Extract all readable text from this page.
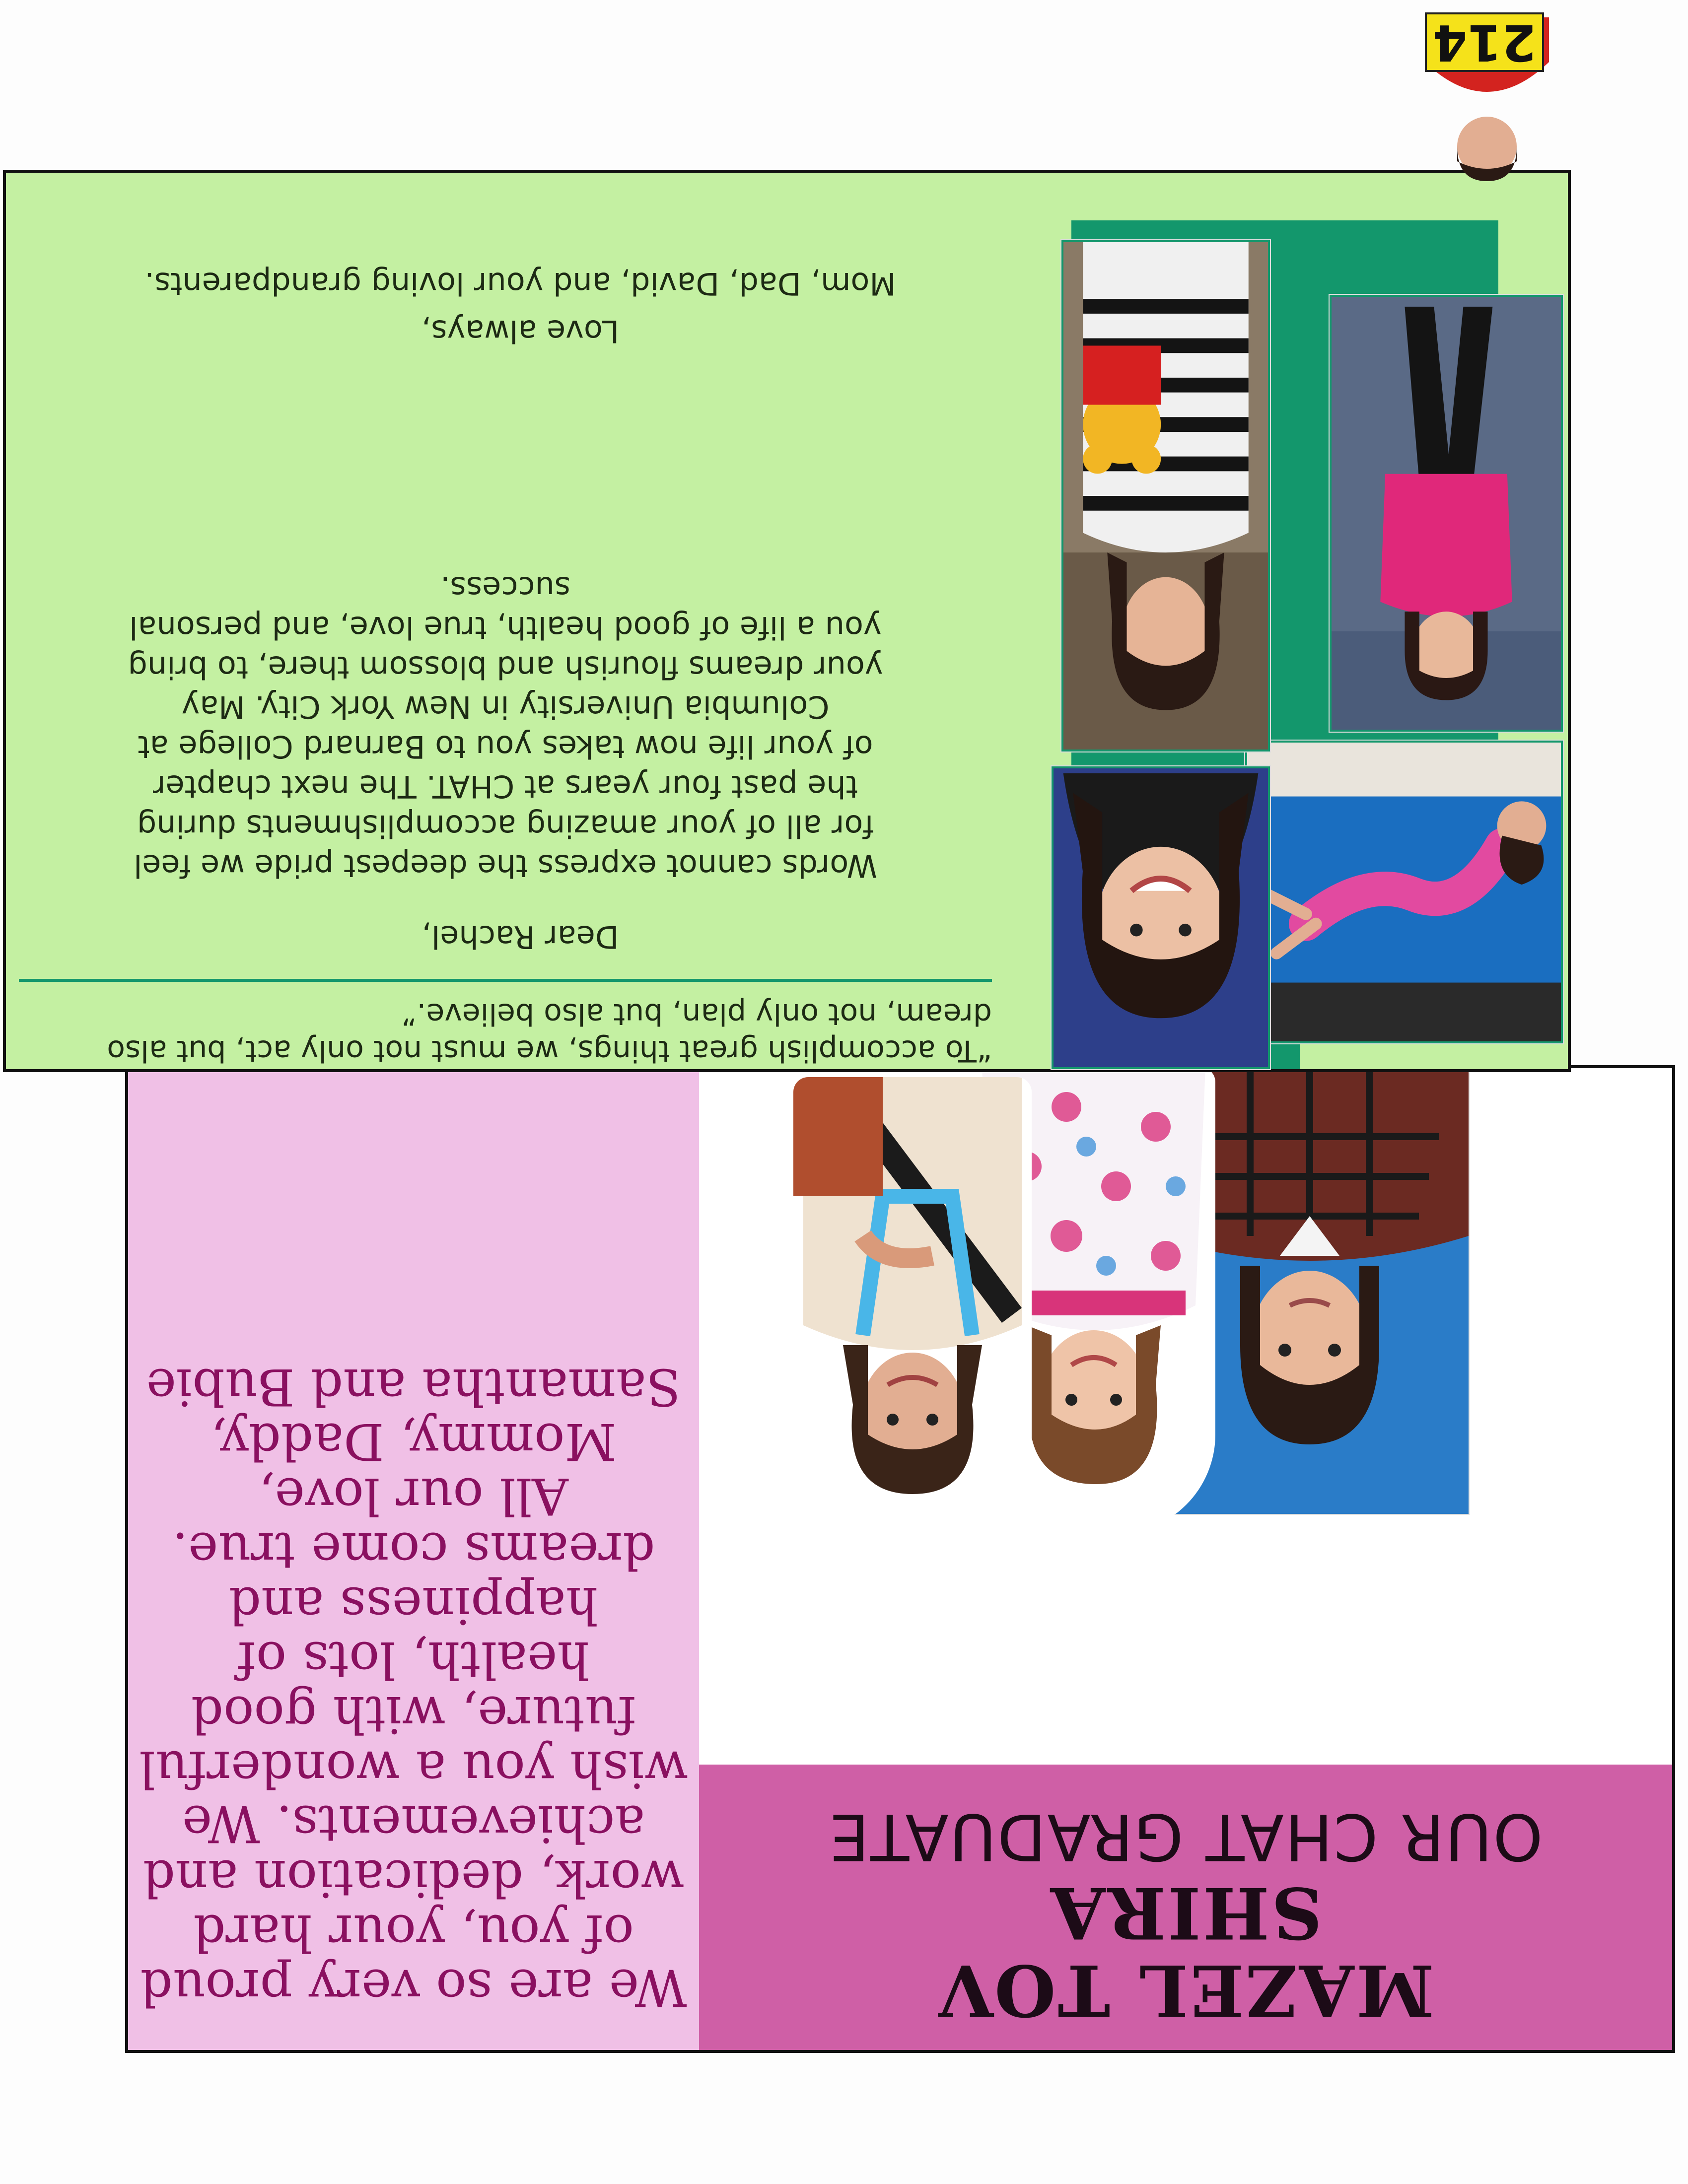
MAZEL TOV
SHIRA
OUR CHAT GRADUATE
We are so very proud
of you, your hard
work, dedication and
achievements. We
wish you a wonderful
future, with good
health, lots of
happiness and
dreams come true.
All our love,
Mommy, Daddy,
Samantha and Bubie
“To accomplish great things, we must not only act, but also dream, not only plan, but also believe.”
Dear Rachel,
Words cannot express the deepest pride we feel
for all of your amazing accomplishments during
the past four years at CHAT. The next chapter
of your life now takes you to Barnard College at
Columbia University in New York City. May
your dreams flourish and blossom there, to bring
you a life of good health, true love, and personal
success.
Love always,
Mom, Dad, David, and your loving grandparents.
214
